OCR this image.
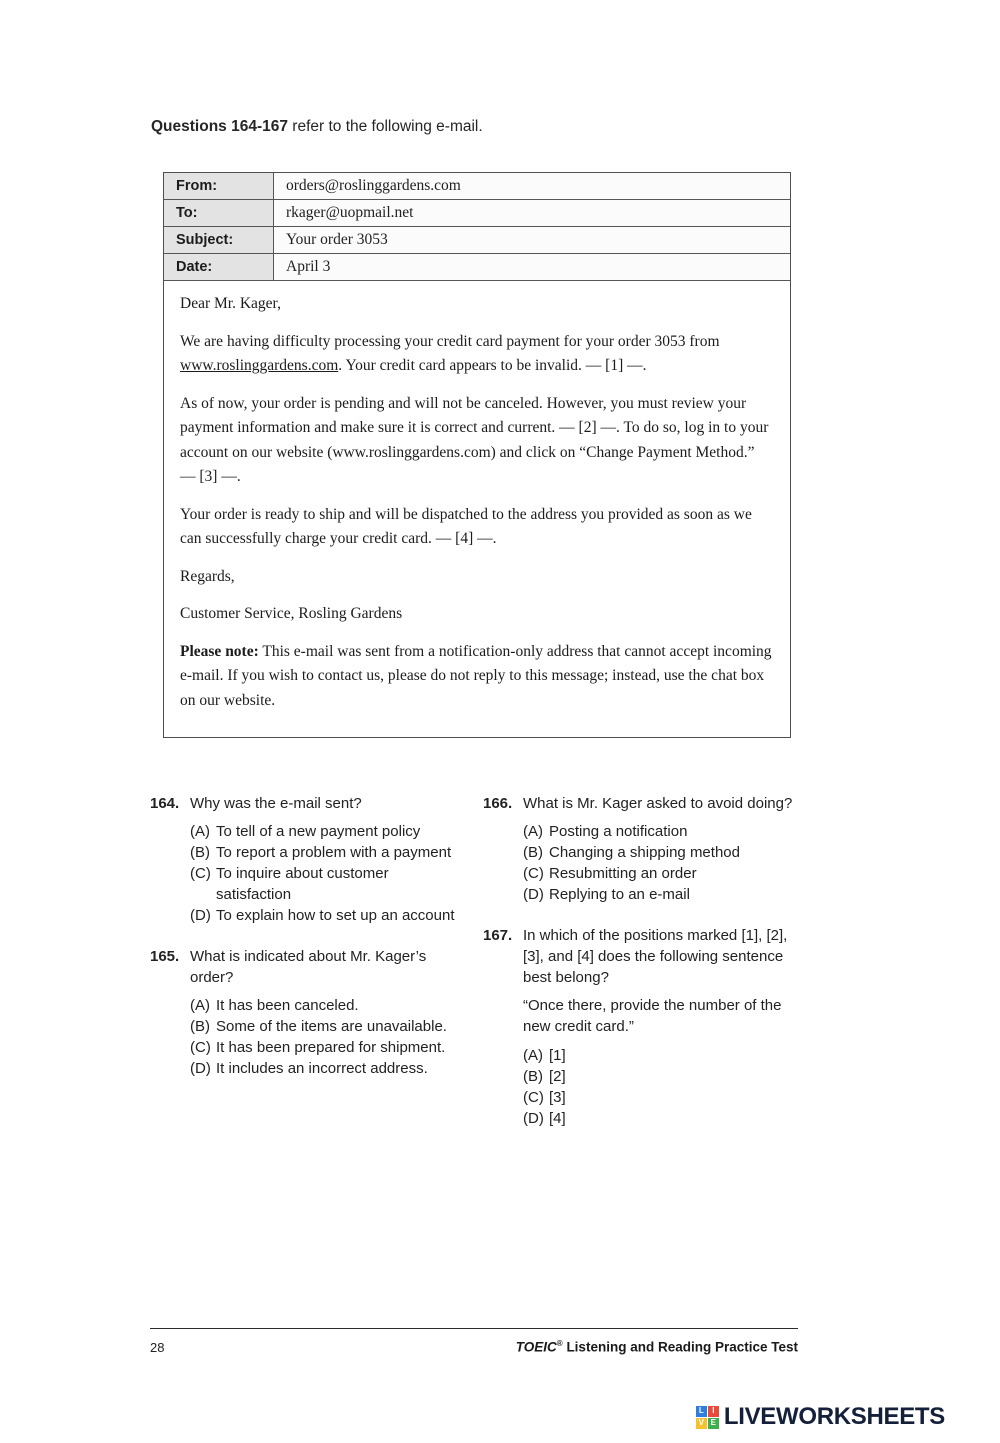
Questions 164-167 refer to the following e-mail.
From:	orders@roslinggardens.com
To:	rkager@uopmail.net
Subject:	Your order 3053
Date:	April 3

Dear Mr. Kager,

We are having difficulty processing your credit card payment for your order 3053 from www.roslinggardens.com. Your credit card appears to be invalid. — [1] —.

As of now, your order is pending and will not be canceled. However, you must review your payment information and make sure it is correct and current. — [2] —. To do so, log in to your account on our website (www.roslinggardens.com) and click on “Change Payment Method.” — [3] —.

Your order is ready to ship and will be dispatched to the address you provided as soon as we can successfully charge your credit card. — [4] —.

Regards,

Customer Service, Rosling Gardens

Please note: This e-mail was sent from a notification-only address that cannot accept incoming e-mail. If you wish to contact us, please do not reply to this message; instead, use the chat box on our website.

164. Why was the e-mail sent?
(A) To tell of a new payment policy
(B) To report a problem with a payment
(C) To inquire about customer satisfaction
(D) To explain how to set up an account
165. What is indicated about Mr. Kager’s order?
(A) It has been canceled.
(B) Some of the items are unavailable.
(C) It has been prepared for shipment.
(D) It includes an incorrect address.
166. What is Mr. Kager asked to avoid doing?
(A) Posting a notification
(B) Changing a shipping method
(C) Resubmitting an order
(D) Replying to an e-mail
167. In which of the positions marked [1], [2], [3], and [4] does the following sentence best belong?
“Once there, provide the number of the new credit card.”
(A) [1]
(B) [2]
(C) [3]
(D) [4]
28	TOEIC® Listening and Reading Practice Test
L	I
V E LIVEWORKSHEETS
